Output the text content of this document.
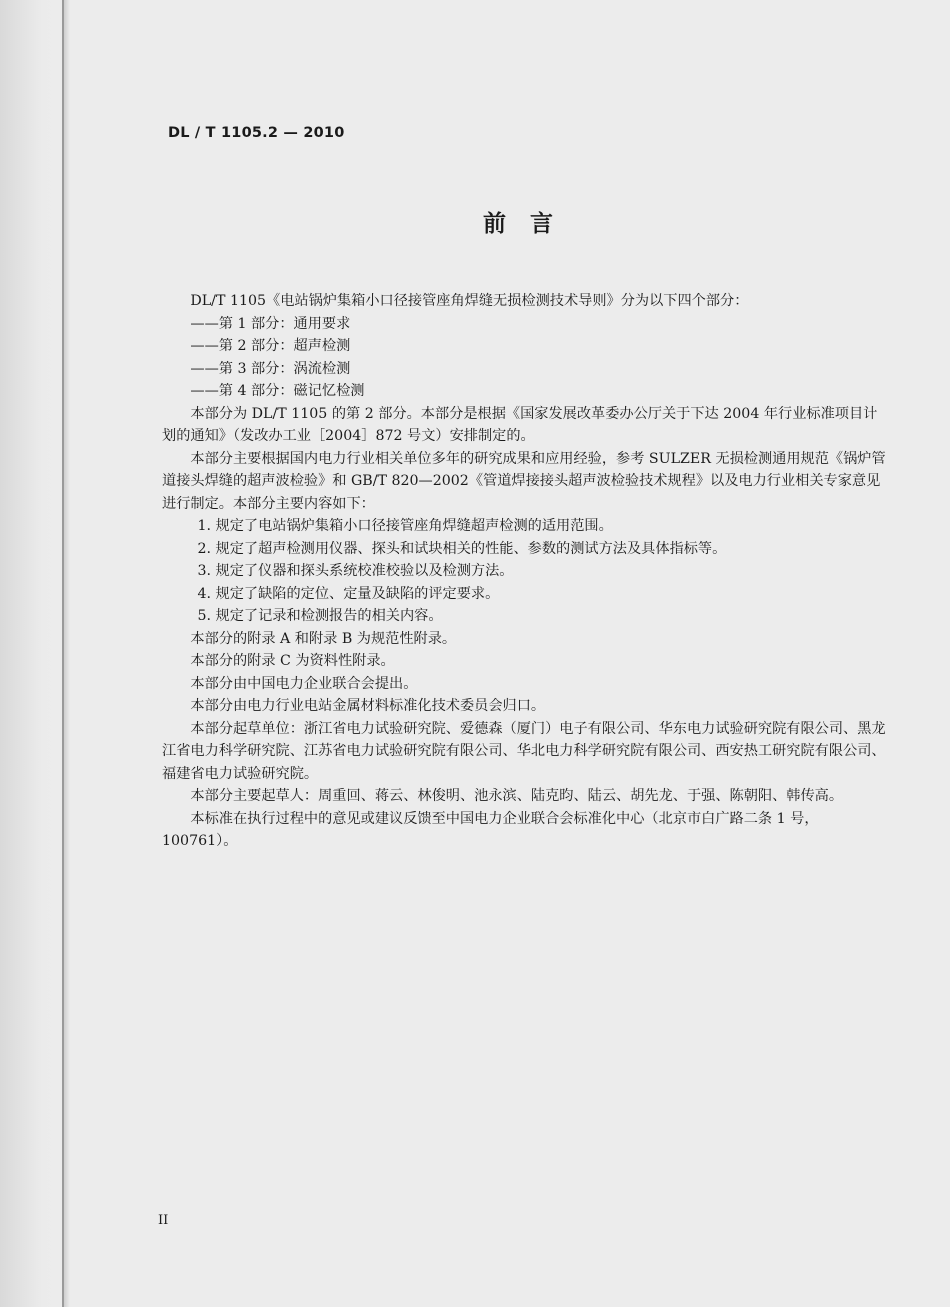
DL / T 1105.2 — 2010
前言

DL/T 1105《电站锅炉集箱小口径接管座角焊缝无损检测技术导则》分为以下四个部分：

——第 1 部分：通用要求

——第 2 部分：超声检测

——第 3 部分：涡流检测

——第 4 部分：磁记忆检测

本部分为 DL/T 1105 的第 2 部分。本部分是根据《国家发展改革委办公厅关于下达 2004 年行业标准项目计划的通知》（发改办工业［2004］872 号文）安排制定的。

本部分主要根据国内电力行业相关单位多年的研究成果和应用经验，参考 SULZER 无损检测通用规范《锅炉管道接头焊缝的超声波检验》和 GB/T 820—2002《管道焊接接头超声波检验技术规程》以及电力行业相关专家意见进行制定。本部分主要内容如下：

1. 规定了电站锅炉集箱小口径接管座角焊缝超声检测的适用范围。

2. 规定了超声检测用仪器、探头和试块相关的性能、参数的测试方法及具体指标等。

3. 规定了仪器和探头系统校准校验以及检测方法。

4. 规定了缺陷的定位、定量及缺陷的评定要求。

5. 规定了记录和检测报告的相关内容。

本部分的附录 A 和附录 B 为规范性附录。

本部分的附录 C 为资料性附录。

本部分由中国电力企业联合会提出。

本部分由电力行业电站金属材料标准化技术委员会归口。

本部分起草单位：浙江省电力试验研究院、爱德森（厦门）电子有限公司、华东电力试验研究院有限公司、黑龙江省电力科学研究院、江苏省电力试验研究院有限公司、华北电力科学研究院有限公司、西安热工研究院有限公司、福建省电力试验研究院。

本部分主要起草人：周重回、蒋云、林俊明、池永滨、陆克昀、陆云、胡先龙、于强、陈朝阳、韩传高。

本标准在执行过程中的意见或建议反馈至中国电力企业联合会标准化中心（北京市白广路二条 1 号，100761）。

II
